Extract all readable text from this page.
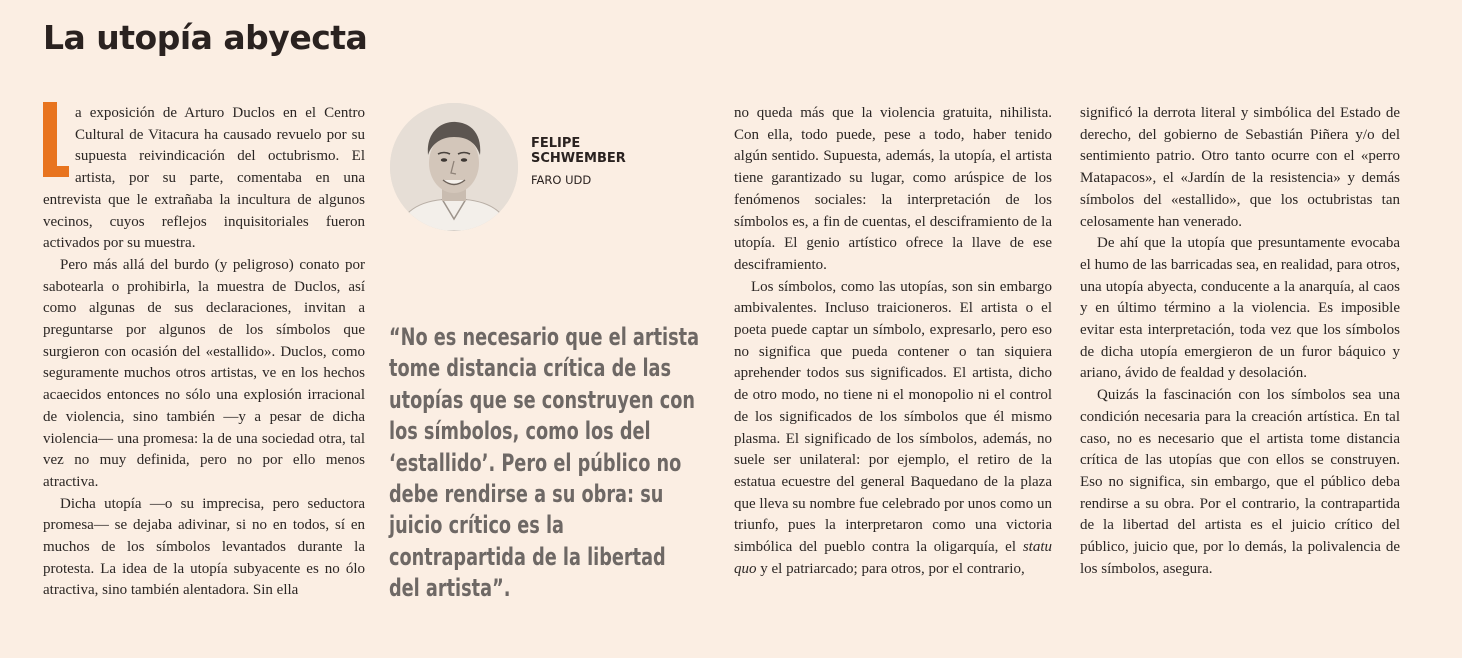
La utopía abyecta

a exposición de Arturo Duclos en el Centro Cultural de Vitacura ha causado revuelo por su supuesta reivindicación del octubrismo. El artista, por su parte, comentaba en una entrevista que le extrañaba la incultura de algunos vecinos, cuyos reflejos inquisitoriales fueron activados por su muestra.

Pero más allá del burdo (y peligroso) conato por sabotearla o prohibirla, la muestra de Duclos, así como algunas de sus declaraciones, invitan a preguntarse por algunos de los símbolos que surgieron con ocasión del «estallido». Duclos, como seguramente muchos otros artistas, ve en los hechos acaecidos entonces no sólo una explosión irracional de violencia, sino también —y a pesar de dicha violencia— una promesa: la de una sociedad otra, tal vez no muy definida, pero no por ello menos atractiva.

Dicha utopía —o su imprecisa, pero seductora promesa— se dejaba adivinar, si no en todos, sí en muchos de los símbolos levantados durante la protesta. La idea de la utopía subyacente es no ólo atractiva, sino también alentadora. Sin ella

FELIPE SCHWEMBER
FARO UDD

“No es necesario que el artista tome distancia crítica de las utopías que se construyen con los símbolos, como los del ‘estallido’. Pero el público no debe rendirse a su obra: su juicio crítico es la contrapartida de la libertad del artista”.

no queda más que la violencia gratuita, nihilista. Con ella, todo puede, pese a todo, haber tenido algún sentido. Supuesta, además, la utopía, el artista tiene garantizado su lugar, como arúspice de los fenómenos sociales: la interpretación de los símbolos es, a fin de cuentas, el desciframiento de la utopía. El genio artístico ofrece la llave de ese desciframiento.

Los símbolos, como las utopías, son sin embargo ambivalentes. Incluso traicioneros. El artista o el poeta puede captar un símbolo, expresarlo, pero eso no significa que pueda contener o tan siquiera aprehender todos sus significados. El artista, dicho de otro modo, no tiene ni el monopolio ni el control de los significados de los símbolos que él mismo plasma. El significado de los símbolos, además, no suele ser unilateral: por ejemplo, el retiro de la estatua ecuestre del general Baquedano de la plaza que lleva su nombre fue celebrado por unos como un triunfo, pues la interpretaron como una victoria simbólica del pueblo contra la oligarquía, el statu quo y el patriarcado; para otros, por el contrario,

significó la derrota literal y simbólica del Estado de derecho, del gobierno de Sebastián Piñera y/o del sentimiento patrio. Otro tanto ocurre con el «perro Matapacos», el «Jardín de la resistencia» y demás símbolos del «estallido», que los octubristas tan celosamente han venerado.

De ahí que la utopía que presuntamente evocaba el humo de las barricadas sea, en realidad, para otros, una utopía abyecta, conducente a la anarquía, al caos y en último término a la violencia. Es imposible evitar esta interpretación, toda vez que los símbolos de dicha utopía emergieron de un furor báquico y ariano, ávido de fealdad y desolación.

Quizás la fascinación con los símbolos sea una condición necesaria para la creación artística. En tal caso, no es necesario que el artista tome distancia crítica de las utopías que con ellos se construyen. Eso no significa, sin embargo, que el público deba rendirse a su obra. Por el contrario, la contrapartida de la libertad del artista es el juicio crítico del público, juicio que, por lo demás, la polivalencia de los símbolos, asegura.
